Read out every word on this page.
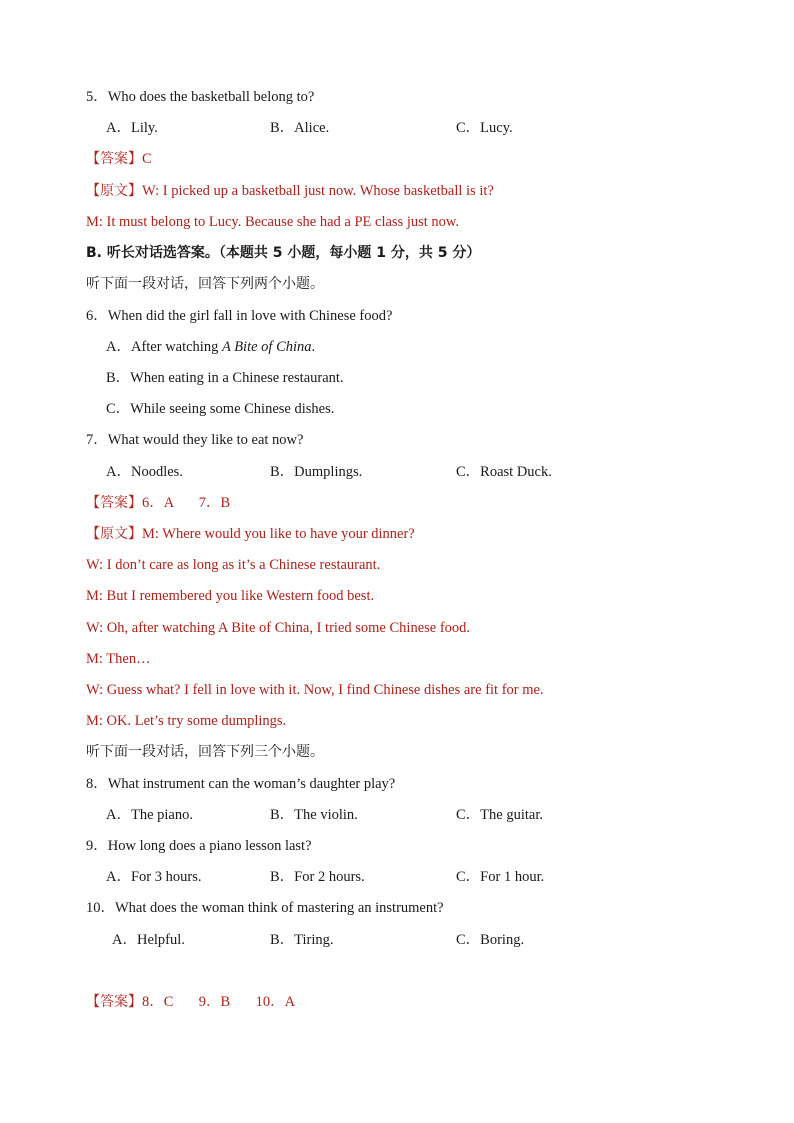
5．Who does the basketball belong to?
A．Lily.	B．Alice.	C．Lucy.
【答案】C
【原文】W: I picked up a basketball just now. Whose basketball is it?
M: It must belong to Lucy. Because she had a PE class just now.
B. 听长对话选答案。（本题共 5 小题，每小题 1 分，共 5 分）
听下面一段对话，回答下列两个小题。
6．When did the girl fall in love with Chinese food?
A．After watching A Bite of China.
B．When eating in a Chinese restaurant.
C．While seeing some Chinese dishes.
7．What would they like to eat now?
A．Noodles.	B．Dumplings.	C．Roast Duck.
【答案】6．A       7．B
【原文】M: Where would you like to have your dinner?
W: I don’t care as long as it’s a Chinese restaurant.
M: But I remembered you like Western food best.
W: Oh, after watching A Bite of China, I tried some Chinese food.
M: Then…
W: Guess what? I fell in love with it. Now, I find Chinese dishes are fit for me.
M: OK. Let’s try some dumplings.
听下面一段对话，回答下列三个小题。
8．What instrument can the woman’s daughter play?
A．The piano.	B．The violin.	C．The guitar.
9．How long does a piano lesson last?
A．For 3 hours.	B．For 2 hours.	C．For 1 hour.
10．What does the woman think of mastering an instrument?
A．Helpful.	B．Tiring.	C．Boring.
【答案】8．C       9．B       10．A
